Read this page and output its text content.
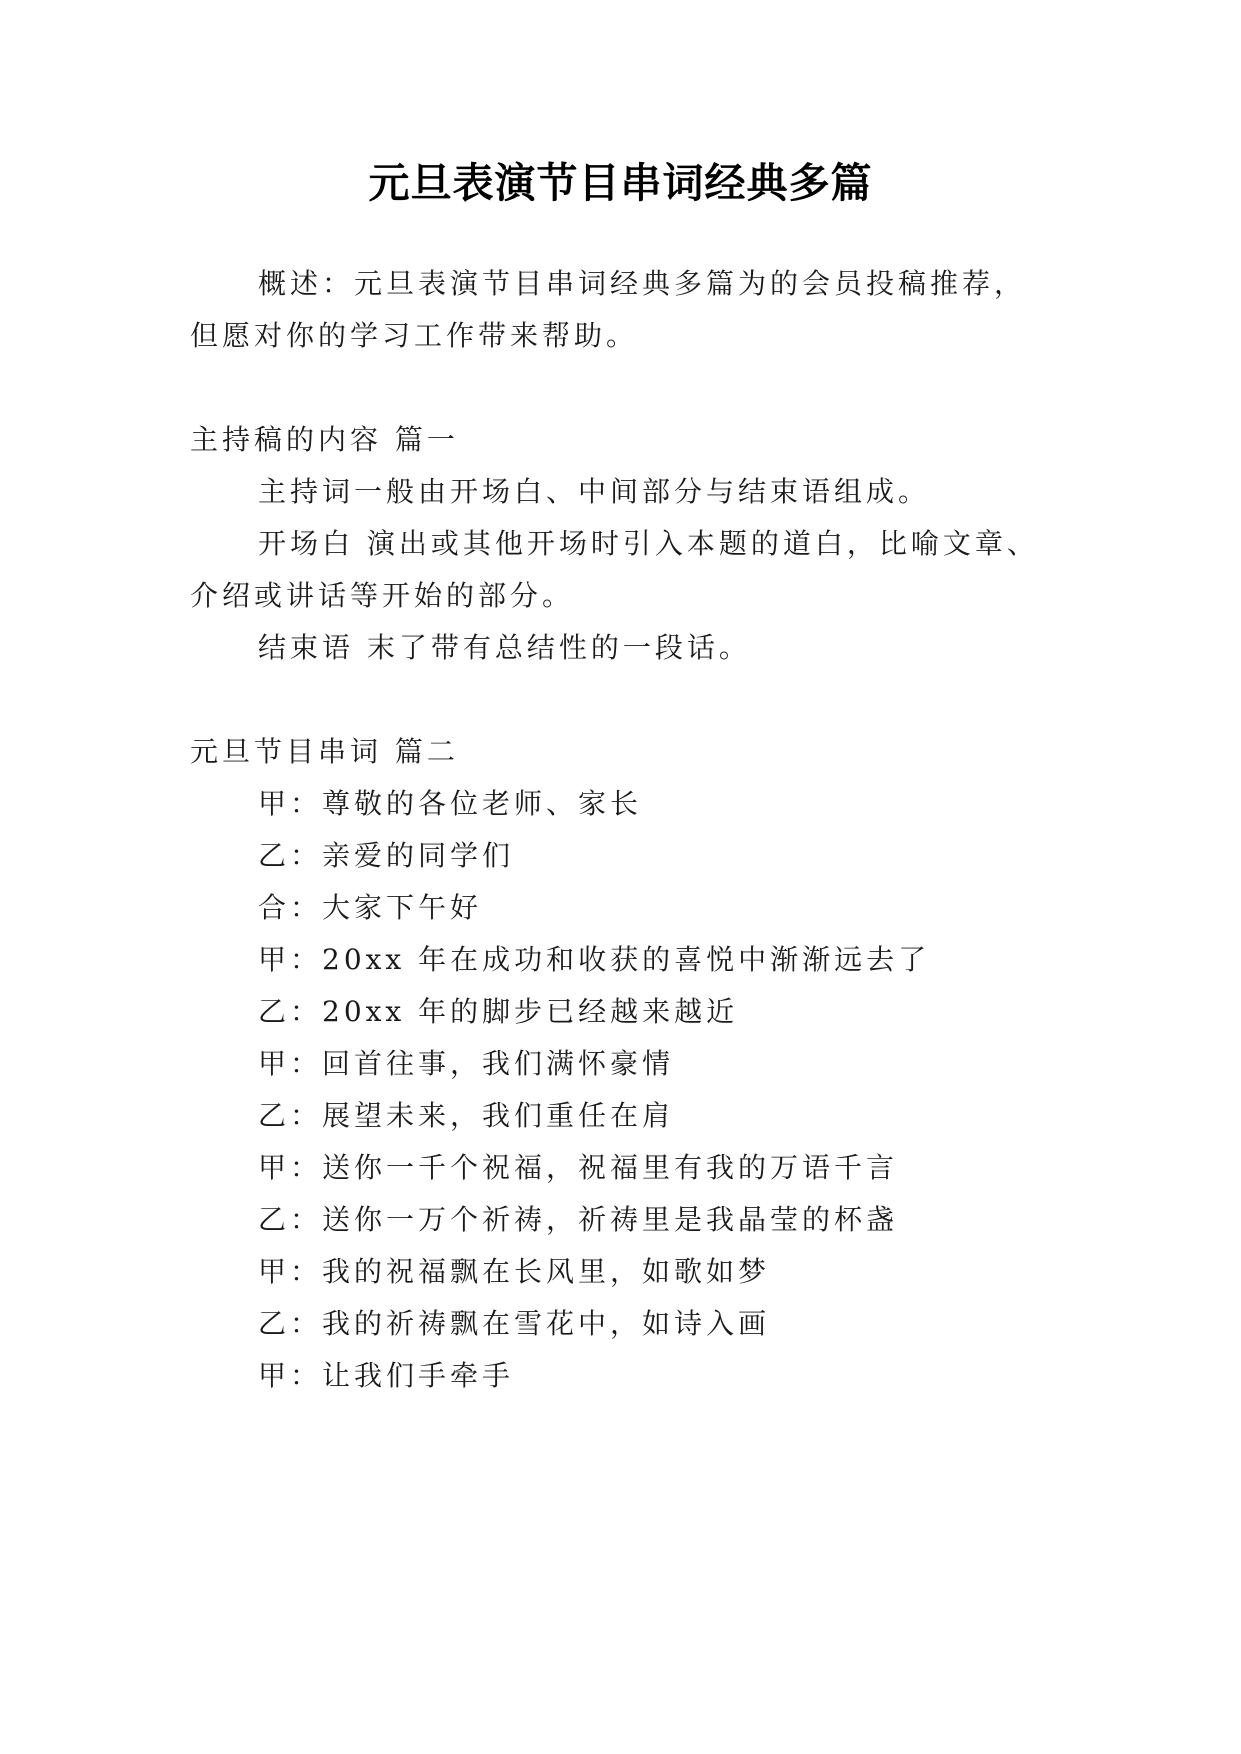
元旦表演节目串词经典多篇

概述：元旦表演节目串词经典多篇为的会员投稿推荐，

但愿对你的学习工作带来帮助。

主持稿的内容 篇一

主持词一般由开场白、中间部分与结束语组成。

开场白 演出或其他开场时引入本题的道白，比喻文章、

介绍或讲话等开始的部分。

结束语 末了带有总结性的一段话。

元旦节目串词 篇二

甲：尊敬的各位老师、家长

乙：亲爱的同学们

合：大家下午好

甲：20xx 年在成功和收获的喜悦中渐渐远去了

乙：20xx 年的脚步已经越来越近

甲：回首往事，我们满怀豪情

乙：展望未来，我们重任在肩

甲：送你一千个祝福，祝福里有我的万语千言

乙：送你一万个祈祷，祈祷里是我晶莹的杯盏

甲：我的祝福飘在长风里，如歌如梦

乙：我的祈祷飘在雪花中，如诗入画

甲：让我们手牵手
